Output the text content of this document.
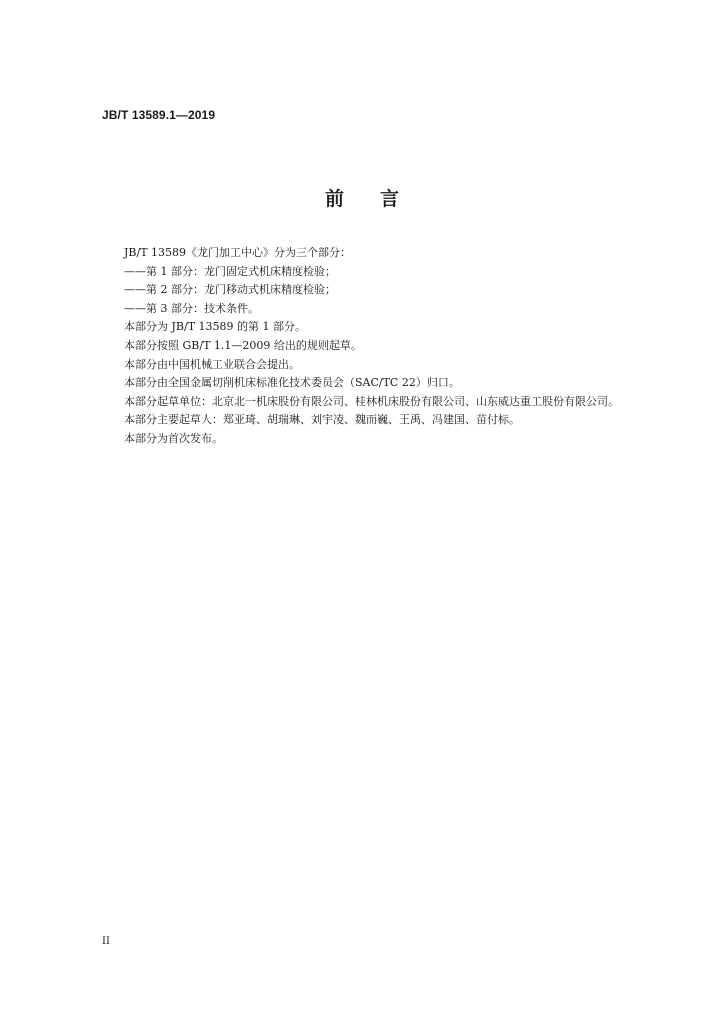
JB/T 13589.1—2019
前言

JB/T 13589《龙门加工中心》分为三个部分：

——第 1 部分：龙门固定式机床精度检验；

——第 2 部分：龙门移动式机床精度检验；

——第 3 部分：技术条件。

本部分为 JB/T 13589 的第 1 部分。

本部分按照 GB/T 1.1—2009 给出的规则起草。

本部分由中国机械工业联合会提出。

本部分由全国金属切削机床标准化技术委员会（SAC/TC 22）归口。

本部分起草单位：北京北一机床股份有限公司、桂林机床股份有限公司、山东威达重工股份有限公司。

本部分主要起草人：郑亚琦、胡瑞琳、刘宇凌、魏而巍、王禹、冯建国、苗付标。

本部分为首次发布。

II
